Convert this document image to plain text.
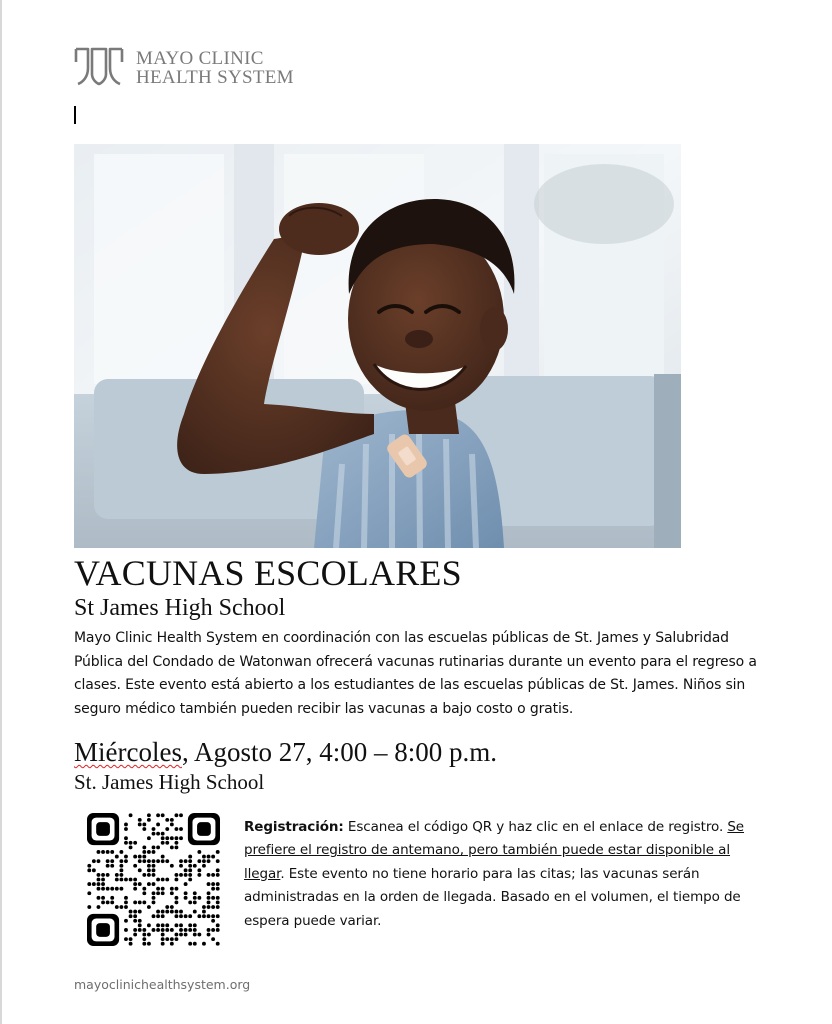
MAYO CLINIC
HEALTH SYSTEM
VACUNAS ESCOLARES
St James High School

Mayo Clinic Health System en coordinación con las escuelas públicas de St. James y Salubridad Pública del Condado de Watonwan ofrecerá vacunas rutinarias durante un evento para el regreso a clases. Este evento está abierto a los estudiantes de las escuelas públicas de St. James. Niños sin seguro médico también pueden recibir las vacunas a bajo costo o gratis.

Miércoles, Agosto 27, 4:00 – 8:00 p.m.
St. James High School

Registración: Escanea el código QR y haz clic en el enlace de registro. Se prefiere el registro de antemano, pero también puede estar disponible al llegar. Este evento no tiene horario para las citas; las vacunas serán administradas en la orden de llegada. Basado en el volumen, el tiempo de espera puede variar.

mayoclinichealthsystem.org
